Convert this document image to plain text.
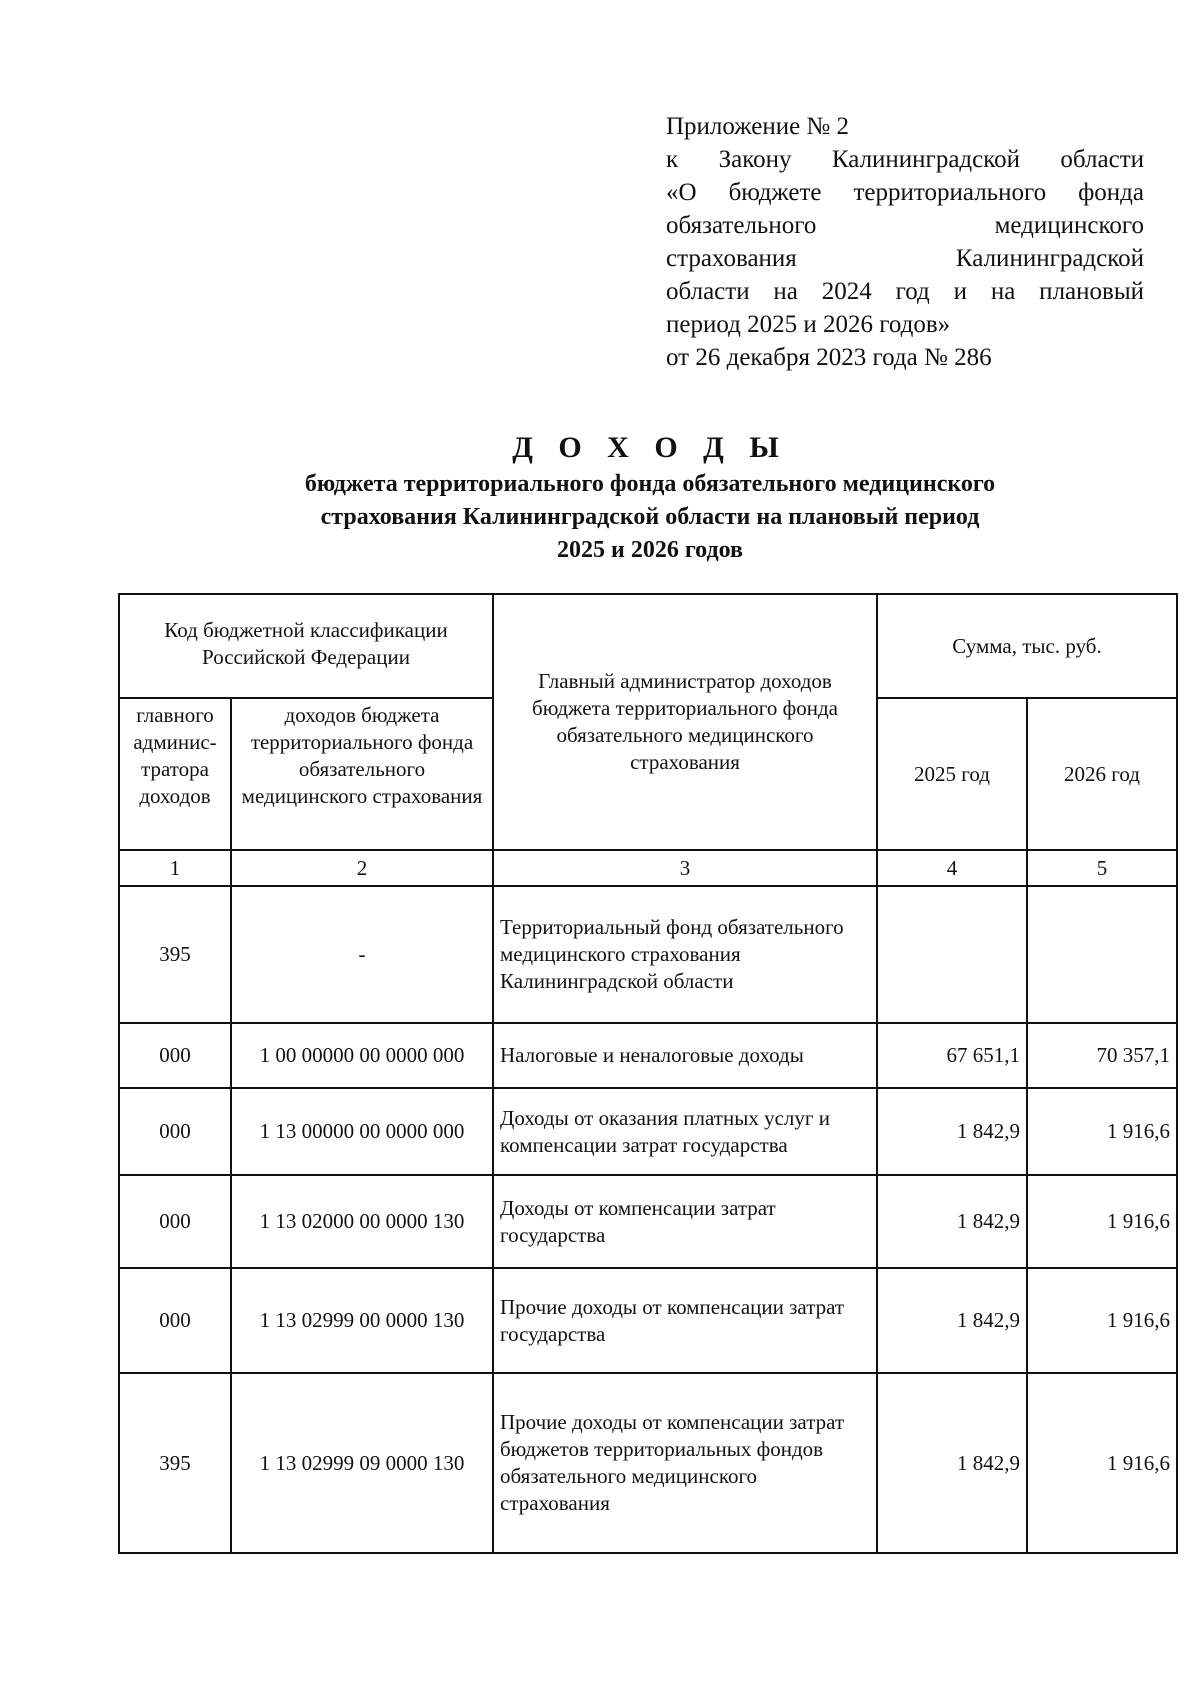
Приложение № 2
к Закону Калининградской области
«О бюджете территориального фонда
обязательного медицинского
страхования Калининградской
области на 2024 год и на плановый
период 2025 и 2026 годов»
от 26 декабря 2023 года № 286
Д О Х О Д Ы
бюджета территориального фонда обязательного медицинского
страхования Калининградской области на плановый период
2025 и 2026 годов
Код бюджетной классификации Российской Федерации		Главный администратор доходов бюджета территориального фонда обязательного медицинского страхования	Сумма, тыс. руб.	
главного админис-тратора доходов	доходов бюджета территориального фонда обязательного медицинского страхования		2025 год	2026 год
1	2	3	4	5
395	-	Территориальный фонд обязательного медицинского страхования Калининградской области		
000	1 00 00000 00 0000 000	Налоговые и неналоговые доходы	67 651,1	70 357,1
000	1 13 00000 00 0000 000	Доходы от оказания платных услуг и компенсации затрат государства	1 842,9	1 916,6
000	1 13 02000 00 0000 130	Доходы от компенсации затрат государства	1 842,9	1 916,6
000	1 13 02999 00 0000 130	Прочие доходы от компенсации затрат государства	1 842,9	1 916,6
395	1 13 02999 09 0000 130	Прочие доходы от компенсации затрат бюджетов территориальных фондов обязательного медицинского страхования	1 842,9	1 916,6
